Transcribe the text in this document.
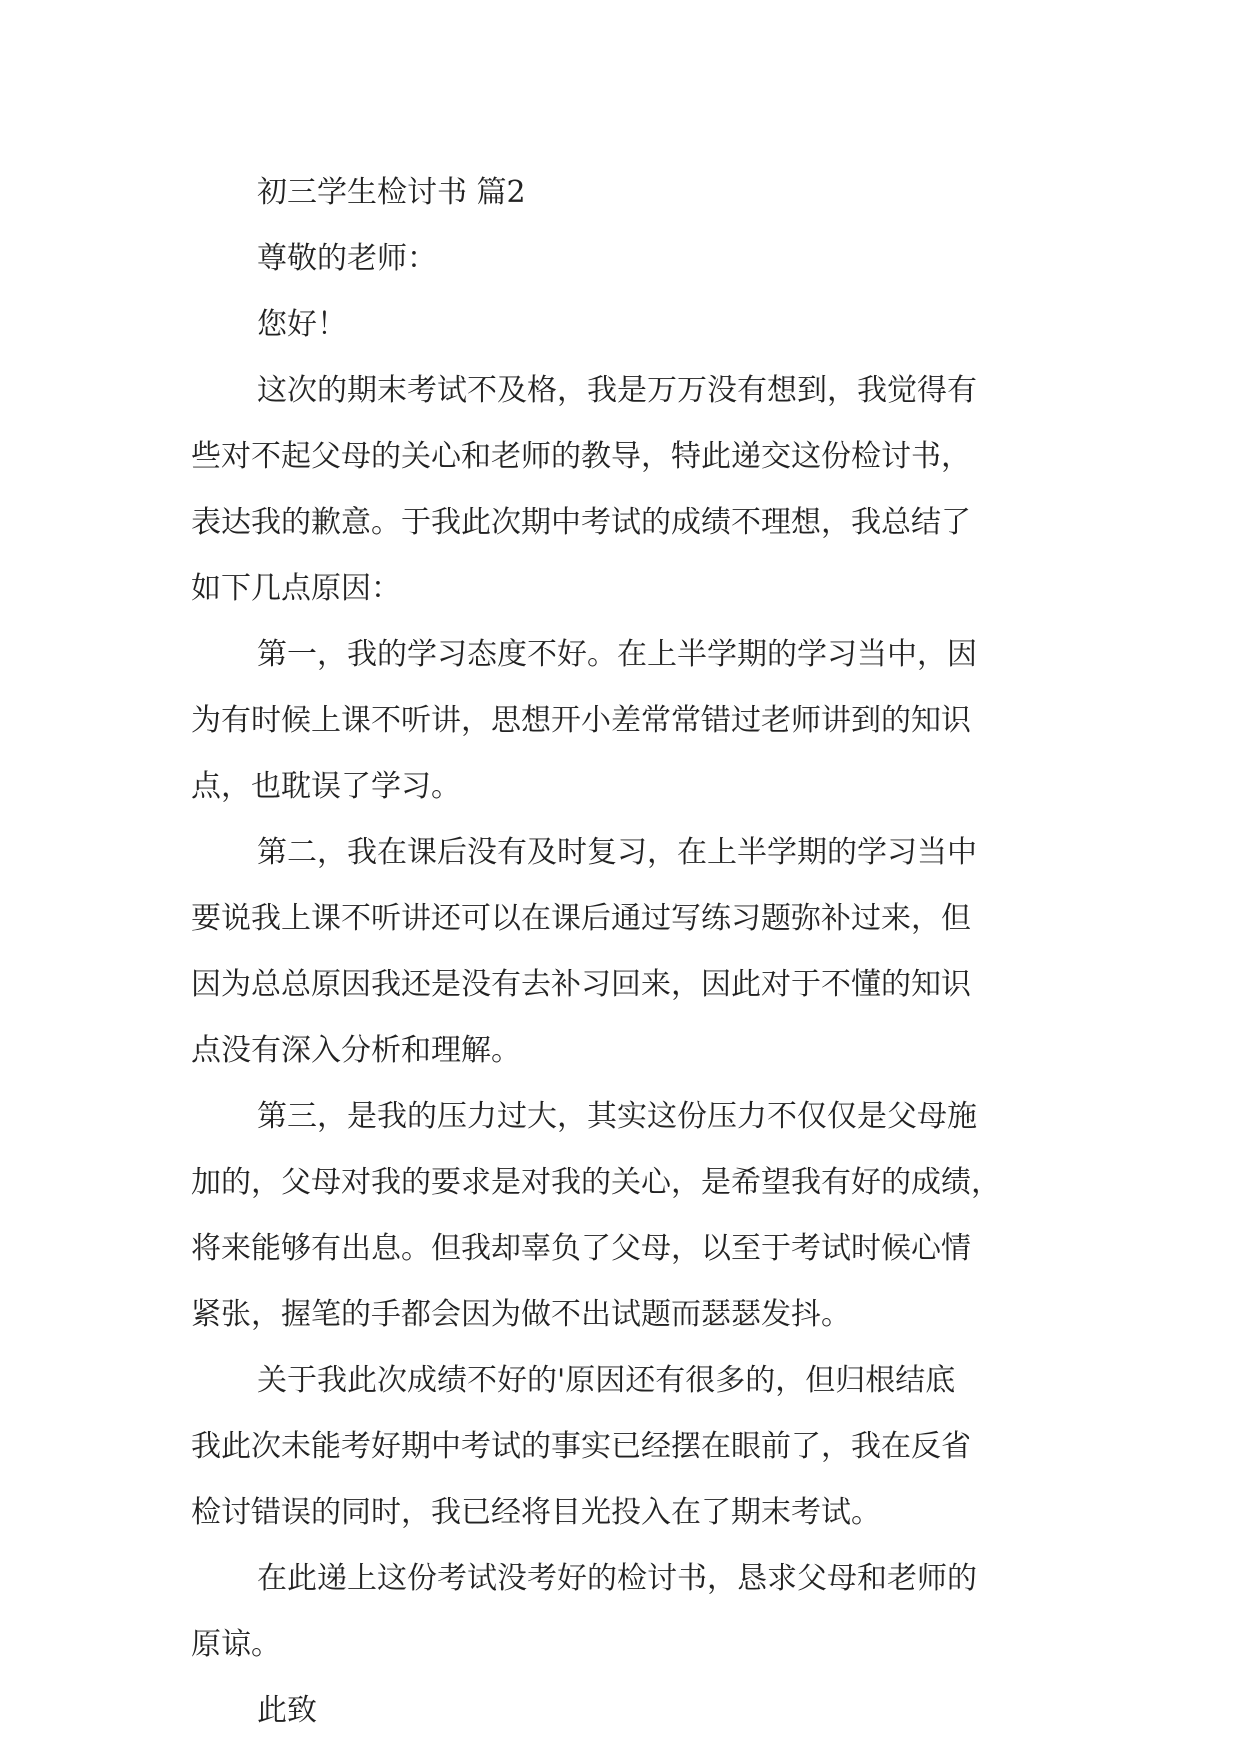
初三学生检讨书 篇2
尊敬的老师：
您好！
这次的期末考试不及格，我是万万没有想到，我觉得有
些对不起父母的关心和老师的教导，特此递交这份检讨书，
表达我的歉意。于我此次期中考试的成绩不理想，我总结了
如下几点原因：
第一，我的学习态度不好。在上半学期的学习当中，因
为有时候上课不听讲，思想开小差常常错过老师讲到的知识
点，也耽误了学习。
第二，我在课后没有及时复习，在上半学期的学习当中
要说我上课不听讲还可以在课后通过写练习题弥补过来，但
因为总总原因我还是没有去补习回来，因此对于不懂的知识
点没有深入分析和理解。
第三，是我的压力过大，其实这份压力不仅仅是父母施
加的，父母对我的要求是对我的关心，是希望我有好的成绩，
将来能够有出息。但我却辜负了父母，以至于考试时候心情
紧张，握笔的手都会因为做不出试题而瑟瑟发抖。
关于我此次成绩不好的'原因还有很多的，但归根结底
我此次未能考好期中考试的事实已经摆在眼前了，我在反省
检讨错误的同时，我已经将目光投入在了期末考试。
在此递上这份考试没考好的检讨书，恳求父母和老师的
原谅。
此致
